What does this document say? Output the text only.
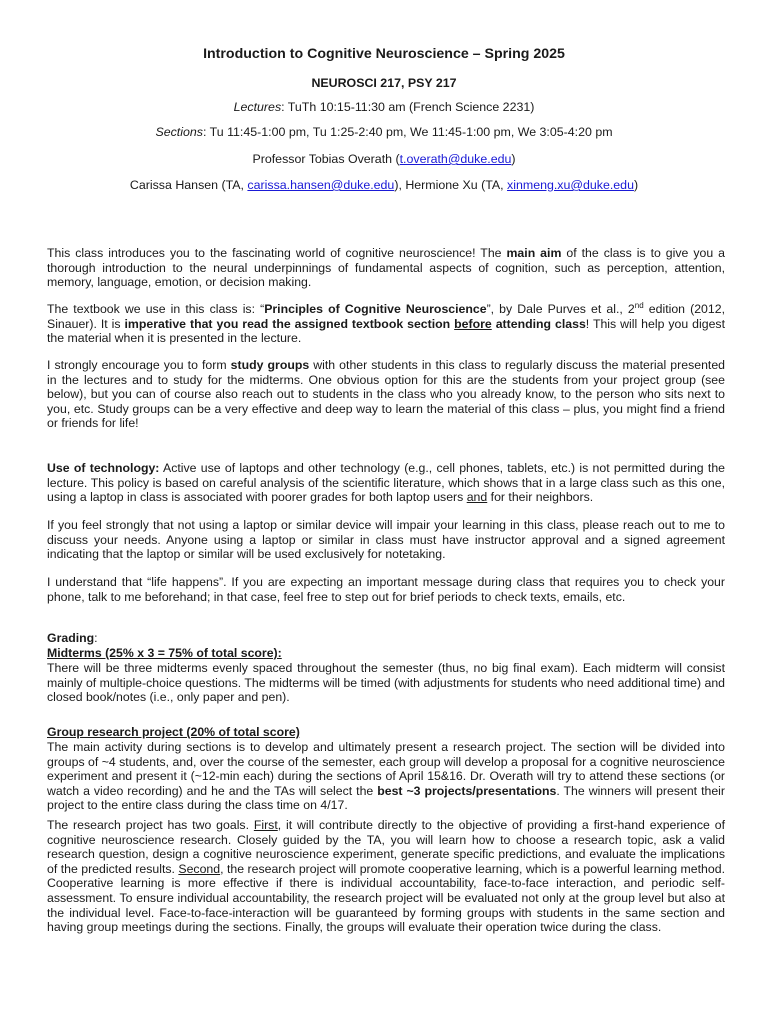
Introduction to Cognitive Neuroscience – Spring 2025
NEUROSCI 217, PSY 217
Lectures: TuTh 10:15-11:30 am (French Science 2231)
Sections: Tu 11:45-1:00 pm, Tu 1:25-2:40 pm, We 11:45-1:00 pm, We 3:05-4:20 pm
Professor Tobias Overath (t.overath@duke.edu)
Carissa Hansen (TA, carissa.hansen@duke.edu), Hermione Xu (TA, xinmeng.xu@duke.edu)

This class introduces you to the fascinating world of cognitive neuroscience! The main aim of the class is to give you a thorough introduction to the neural underpinnings of fundamental aspects of cognition, such as perception, attention, memory, language, emotion, or decision making.

The textbook we use in this class is: “Principles of Cognitive Neuroscience”, by Dale Purves et al., 2nd edition (2012, Sinauer). It is imperative that you read the assigned textbook section before attending class! This will help you digest the material when it is presented in the lecture.

I strongly encourage you to form study groups with other students in this class to regularly discuss the material presented in the lectures and to study for the midterms. One obvious option for this are the students from your project group (see below), but you can of course also reach out to students in the class who you already know, to the person who sits next to you, etc. Study groups can be a very effective and deep way to learn the material of this class – plus, you might find a friend or friends for life!

Use of technology: Active use of laptops and other technology (e.g., cell phones, tablets, etc.) is not permitted during the lecture. This policy is based on careful analysis of the scientific literature, which shows that in a large class such as this one, using a laptop in class is associated with poorer grades for both laptop users and for their neighbors.

If you feel strongly that not using a laptop or similar device will impair your learning in this class, please reach out to me to discuss your needs. Anyone using a laptop or similar in class must have instructor approval and a signed agreement indicating that the laptop or similar will be used exclusively for notetaking.

I understand that “life happens”. If you are expecting an important message during class that requires you to check your phone, talk to me beforehand; in that case, feel free to step out for brief periods to check texts, emails, etc.

Grading:
Midterms (25% x 3 = 75% of total score):

There will be three midterms evenly spaced throughout the semester (thus, no big final exam). Each midterm will consist mainly of multiple-choice questions. The midterms will be timed (with adjustments for students who need additional time) and closed book/notes (i.e., only paper and pen).

Group research project (20% of total score)

The main activity during sections is to develop and ultimately present a research project. The section will be divided into groups of ~4 students, and, over the course of the semester, each group will develop a proposal for a cognitive neuroscience experiment and present it (~12-min each) during the sections of April 15&16. Dr. Overath will try to attend these sections (or watch a video recording) and he and the TAs will select the best ~3 projects/presentations. The winners will present their project to the entire class during the class time on 4/17.

The research project has two goals. First, it will contribute directly to the objective of providing a first-hand experience of cognitive neuroscience research. Closely guided by the TA, you will learn how to choose a research topic, ask a valid research question, design a cognitive neuroscience experiment, generate specific predictions, and evaluate the implications of the predicted results. Second, the research project will promote cooperative learning, which is a powerful learning method. Cooperative learning is more effective if there is individual accountability, face-to-face interaction, and periodic self-assessment. To ensure individual accountability, the research project will be evaluated not only at the group level but also at the individual level. Face-to-face-interaction will be guaranteed by forming groups with students in the same section and having group meetings during the sections. Finally, the groups will evaluate their operation twice during the class.
